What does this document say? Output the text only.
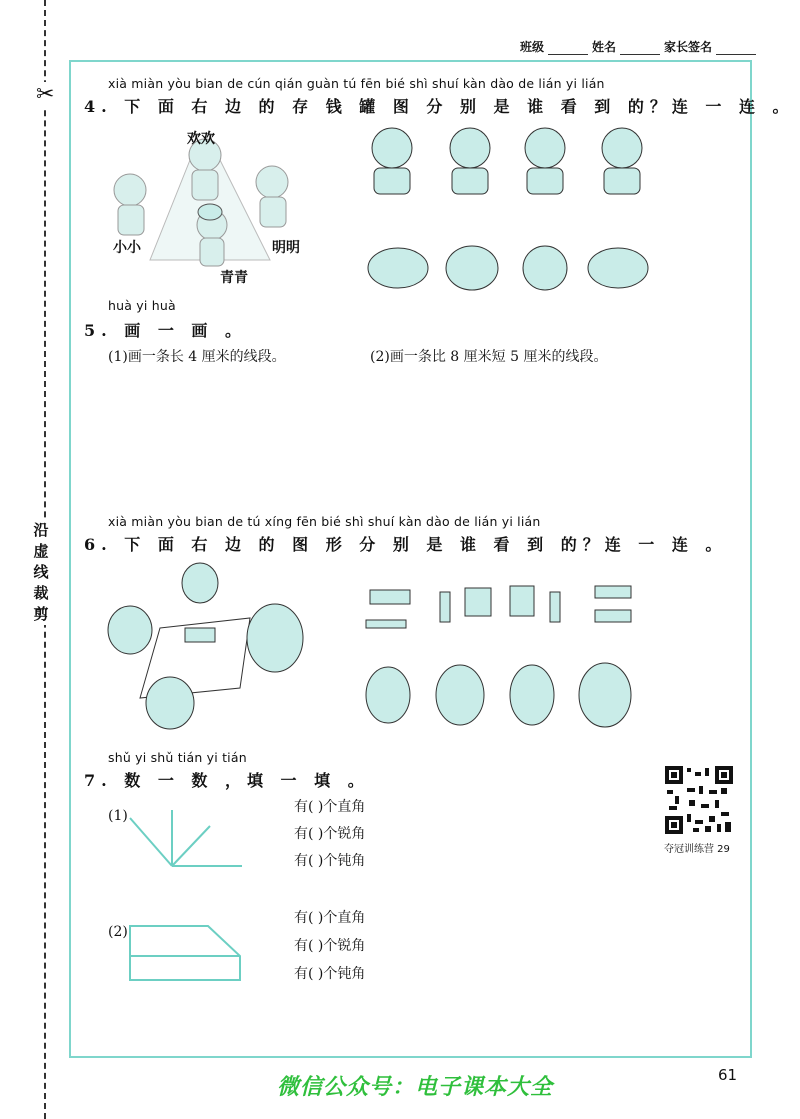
✂
沿虚线裁剪
班级	姓名	家长签名
xià miàn yòu bian de cún qián guàn tú fēn bié shì shuí kàn dào de lián yi lián
4. 下 面 右 边 的 存 钱 罐 图 分 别 是 谁 看 到 的？连 一 连 。
欢欢
小小	明明
青青
huà yi huà
5. 画 一 画 。
(1)画一条长 4 厘米的线段。	(2)画一条比 8 厘米短 5 厘米的线段。
xià miàn yòu bian de tú xíng fēn bié shì shuí kàn dào de lián yi lián
6. 下 面 右 边 的 图 形 分 别 是 谁 看 到 的？连 一 连 。
shǔ yi shǔ tián yi tián
7. 数 一 数 ，填 一 填 。
(1)
有( )个直角
有( )个锐角
有( )个钝角
(2)
有( )个直角
有( )个锐角
有( )个钝角
夺冠训练营 29
61
微信公众号：电子课本大全
